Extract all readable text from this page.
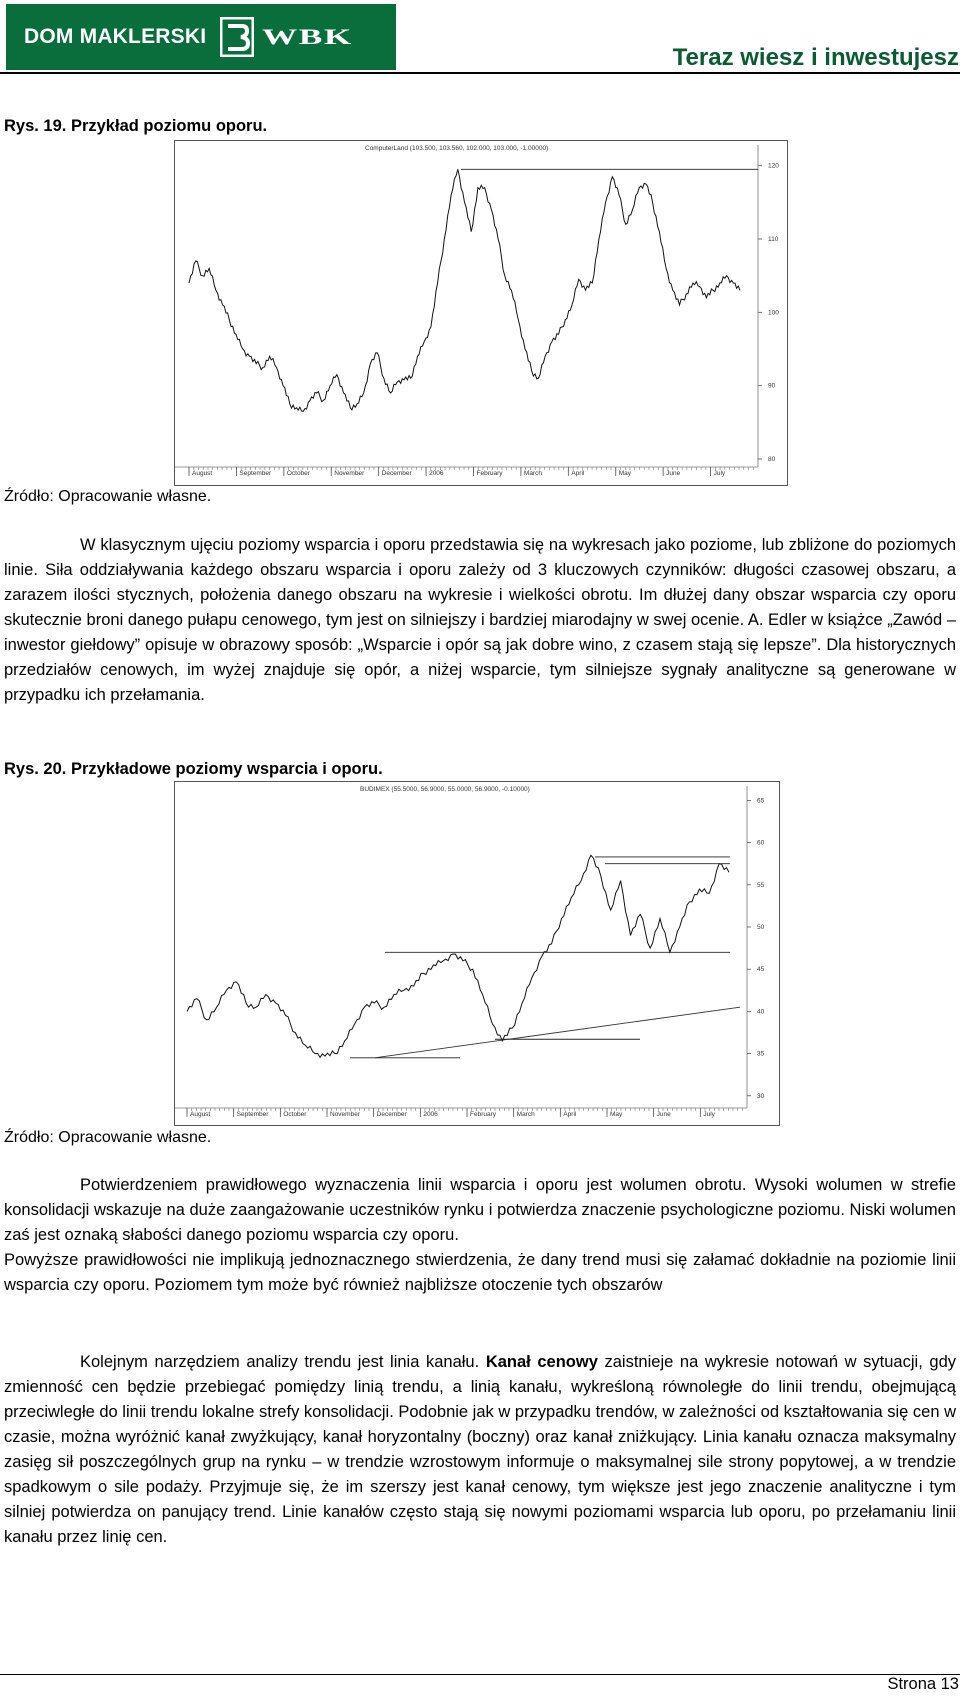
DOM MAKLERSKI	WBK
Teraz wiesz i inwestujesz
Rys. 19. Przykład poziomu oporu.
ComputerLand (103.500, 103.560, 102.000, 103.000, -1.00000)
120
110
100
90
80
August	September October	November	December	2006	February	March	April	May	June	July
Źródło: Opracowanie własne.

W klasycznym ujęciu poziomy wsparcia i oporu przedstawia się na wykresach jako poziome, lub zbliżone do poziomych linie. Siła oddziaływania każdego obszaru wsparcia i oporu zależy od 3 kluczowych czynników: długości czasowej obszaru, a zarazem ilości stycznych, położenia danego obszaru na wykresie i wielkości obrotu. Im dłużej dany obszar wsparcia czy oporu skutecznie broni danego pułapu cenowego, tym jest on silniejszy i bardziej miarodajny w swej ocenie. A. Edler w książce „Zawód – inwestor giełdowy” opisuje w obrazowy sposób: „Wsparcie i opór są jak dobre wino, z czasem stają się lepsze”. Dla historycznych przedziałów cenowych, im wyżej znajduje się opór, a niżej wsparcie, tym silniejsze sygnały analityczne są generowane w przypadku ich przełamania.

Rys. 20. Przykładowe poziomy wsparcia i oporu.
BUDIMEX (55.5000, 56.9000, 55.0000, 56.9000, -0.10000)
65
60
55
50
45
40
35
30
August	September October	November	December	2006	February	March	April	May	June	July
Źródło: Opracowanie własne.

Potwierdzeniem prawidłowego wyznaczenia linii wsparcia i oporu jest wolumen obrotu. Wysoki wolumen w strefie konsolidacji wskazuje na duże zaangażowanie uczestników rynku i potwierdza znaczenie psychologiczne poziomu. Niski wolumen zaś jest oznaką słabości danego poziomu wsparcia czy oporu.
Powyższe prawidłowości nie implikują jednoznacznego stwierdzenia, że dany trend musi się załamać dokładnie na poziomie linii wsparcia czy oporu. Poziomem tym może być również najbliższe otoczenie tych obszarów

Kolejnym narzędziem analizy trendu jest linia kanału. Kanał cenowy zaistnieje na wykresie notowań w sytuacji, gdy zmienność cen będzie przebiegać pomiędzy linią trendu, a linią kanału, wykreśloną równoległe do linii trendu, obejmującą przeciwległe do linii trendu lokalne strefy konsolidacji. Podobnie jak w przypadku trendów, w zależności od kształtowania się cen w czasie, można wyróżnić kanał zwyżkujący, kanał horyzontalny (boczny) oraz kanał zniżkujący. Linia kanału oznacza maksymalny zasięg sił poszczególnych grup na rynku – w trendzie wzrostowym informuje o maksymalnej sile strony popytowej, a w trendzie spadkowym o sile podaży. Przyjmuje się, że im szerszy jest kanał cenowy, tym większe jest jego znaczenie analityczne i tym silniej potwierdza on panujący trend. Linie kanałów często stają się nowymi poziomami wsparcia lub oporu, po przełamaniu linii kanału przez linię cen.

Strona 13
